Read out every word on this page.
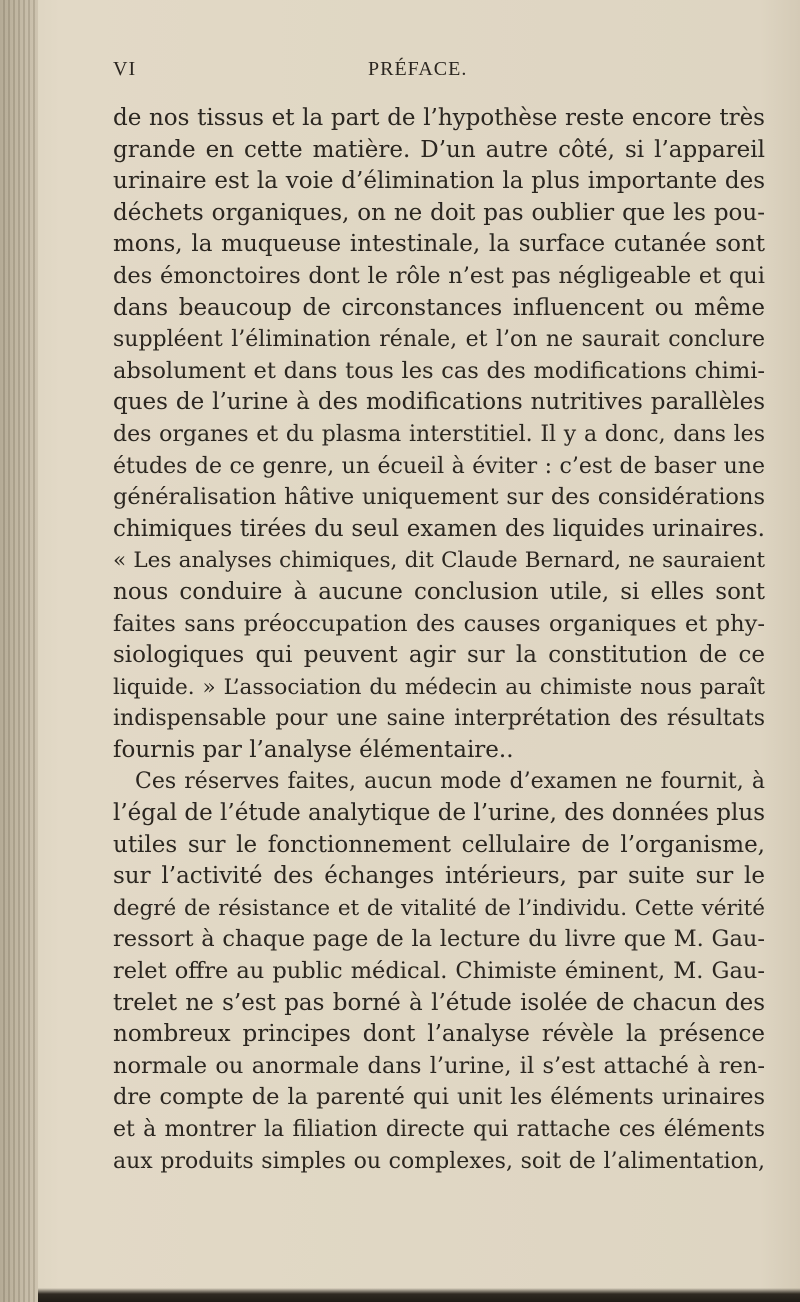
VI	PRÉFACE.
de nos tissus et la part de l’hypothèse reste encore très
grande en cette matière. D’un autre côté, si l’appareil
urinaire est la voie d’élimination la plus importante des
déchets organiques, on ne doit pas oublier que les pou-
mons, la muqueuse intestinale, la surface cutanée sont
des émonctoires dont le rôle n’est pas négligeable et qui
dans beaucoup de circonstances influencent ou même
suppléent l’élimination rénale, et l’on ne saurait conclure
absolument et dans tous les cas des modifications chimi-
ques de l’urine à des modifications nutritives parallèles
des organes et du plasma interstitiel. Il y a donc, dans les
études de ce genre, un écueil à éviter : c’est de baser une
généralisation hâtive uniquement sur des considérations
chimiques tirées du seul examen des liquides urinaires.
« Les analyses chimiques, dit Claude Bernard, ne sauraient
nous conduire à aucune conclusion utile, si elles sont
faites sans préoccupation des causes organiques et phy-
siologiques qui peuvent agir sur la constitution de ce
liquide. » L’association du médecin au chimiste nous paraît
indispensable pour une saine interprétation des résultats
fournis par l’analyse élémentaire..
Ces réserves faites, aucun mode d’examen ne fournit, à
l’égal de l’étude analytique de l’urine, des données plus
utiles sur le fonctionnement cellulaire de l’organisme,
sur l’activité des échanges intérieurs, par suite sur le
degré de résistance et de vitalité de l’individu. Cette vérité
ressort à chaque page de la lecture du livre que M. Gau-
relet offre au public médical. Chimiste éminent, M. Gau-
trelet ne s’est pas borné à l’étude isolée de chacun des
nombreux principes dont l’analyse révèle la présence
normale ou anormale dans l’urine, il s’est attaché à ren-
dre compte de la parenté qui unit les éléments urinaires
et à montrer la filiation directe qui rattache ces éléments
aux produits simples ou complexes, soit de l’alimentation,
